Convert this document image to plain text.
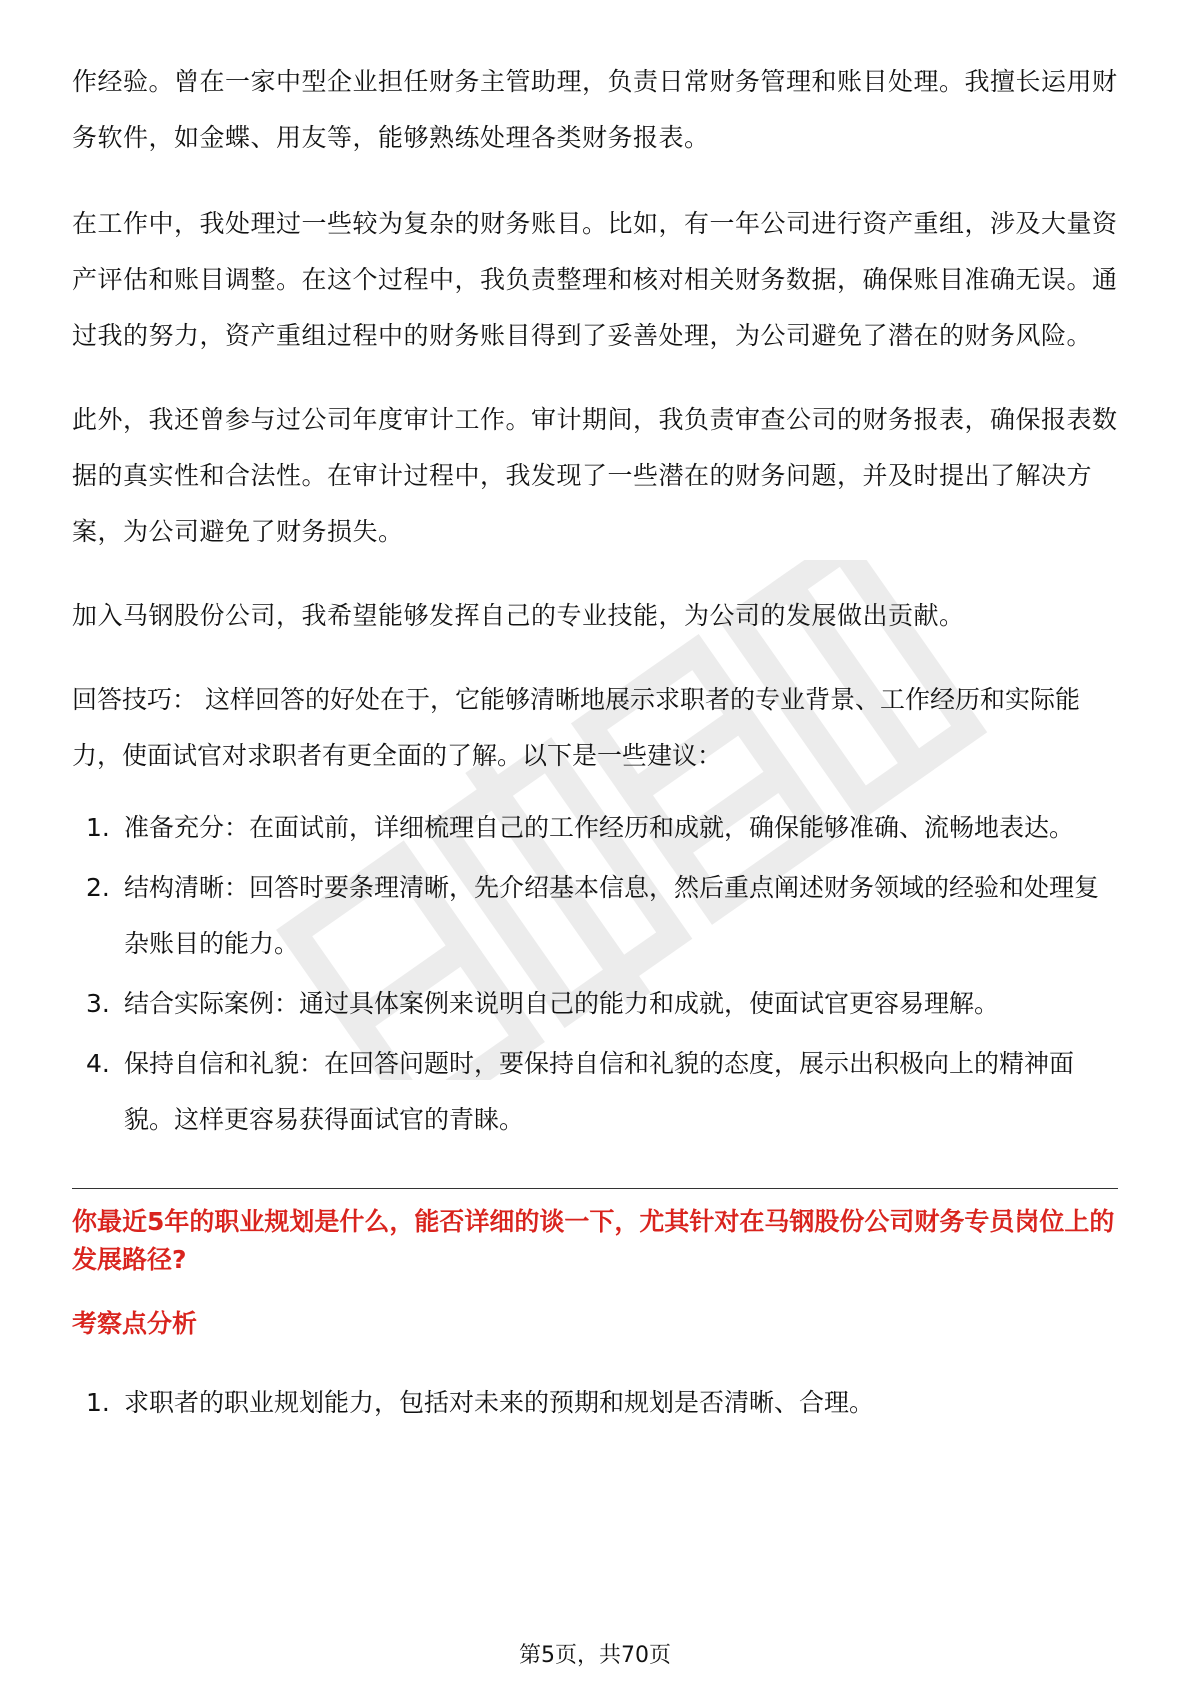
作经验。曾在一家中型企业担任财务主管助理，负责日常财务管理和账目处理。我擅长运用财务软件，如金蝶、用友等，能够熟练处理各类财务报表。

在工作中，我处理过一些较为复杂的财务账目。比如，有一年公司进行资产重组，涉及大量资产评估和账目调整。在这个过程中，我负责整理和核对相关财务数据，确保账目准确无误。通过我的努力，资产重组过程中的财务账目得到了妥善处理，为公司避免了潜在的财务风险。

此外，我还曾参与过公司年度审计工作。审计期间，我负责审查公司的财务报表，确保报表数据的真实性和合法性。在审计过程中，我发现了一些潜在的财务问题，并及时提出了解决方案，为公司避免了财务损失。

加入马钢股份公司，我希望能够发挥自己的专业技能，为公司的发展做出贡献。

回答技巧： 这样回答的好处在于，它能够清晰地展示求职者的专业背景、工作经历和实际能力，使面试官对求职者有更全面的了解。以下是一些建议：

1. 准备充分：在面试前，详细梳理自己的工作经历和成就，确保能够准确、流畅地表达。
2. 结构清晰：回答时要条理清晰，先介绍基本信息，然后重点阐述财务领域的经验和处理复杂账目的能力。
3. 结合实际案例：通过具体案例来说明自己的能力和成就，使面试官更容易理解。
4. 保持自信和礼貌：在回答问题时，要保持自信和礼貌的态度，展示出积极向上的精神面貌。这样更容易获得面试官的青睐。

你最近5年的职业规划是什么，能否详细的谈一下，尤其针对在马钢股份公司财务专员岗位上的发展路径?

考察点分析

1. 求职者的职业规划能力，包括对未来的预期和规划是否清晰、合理。
第5页，共70页
